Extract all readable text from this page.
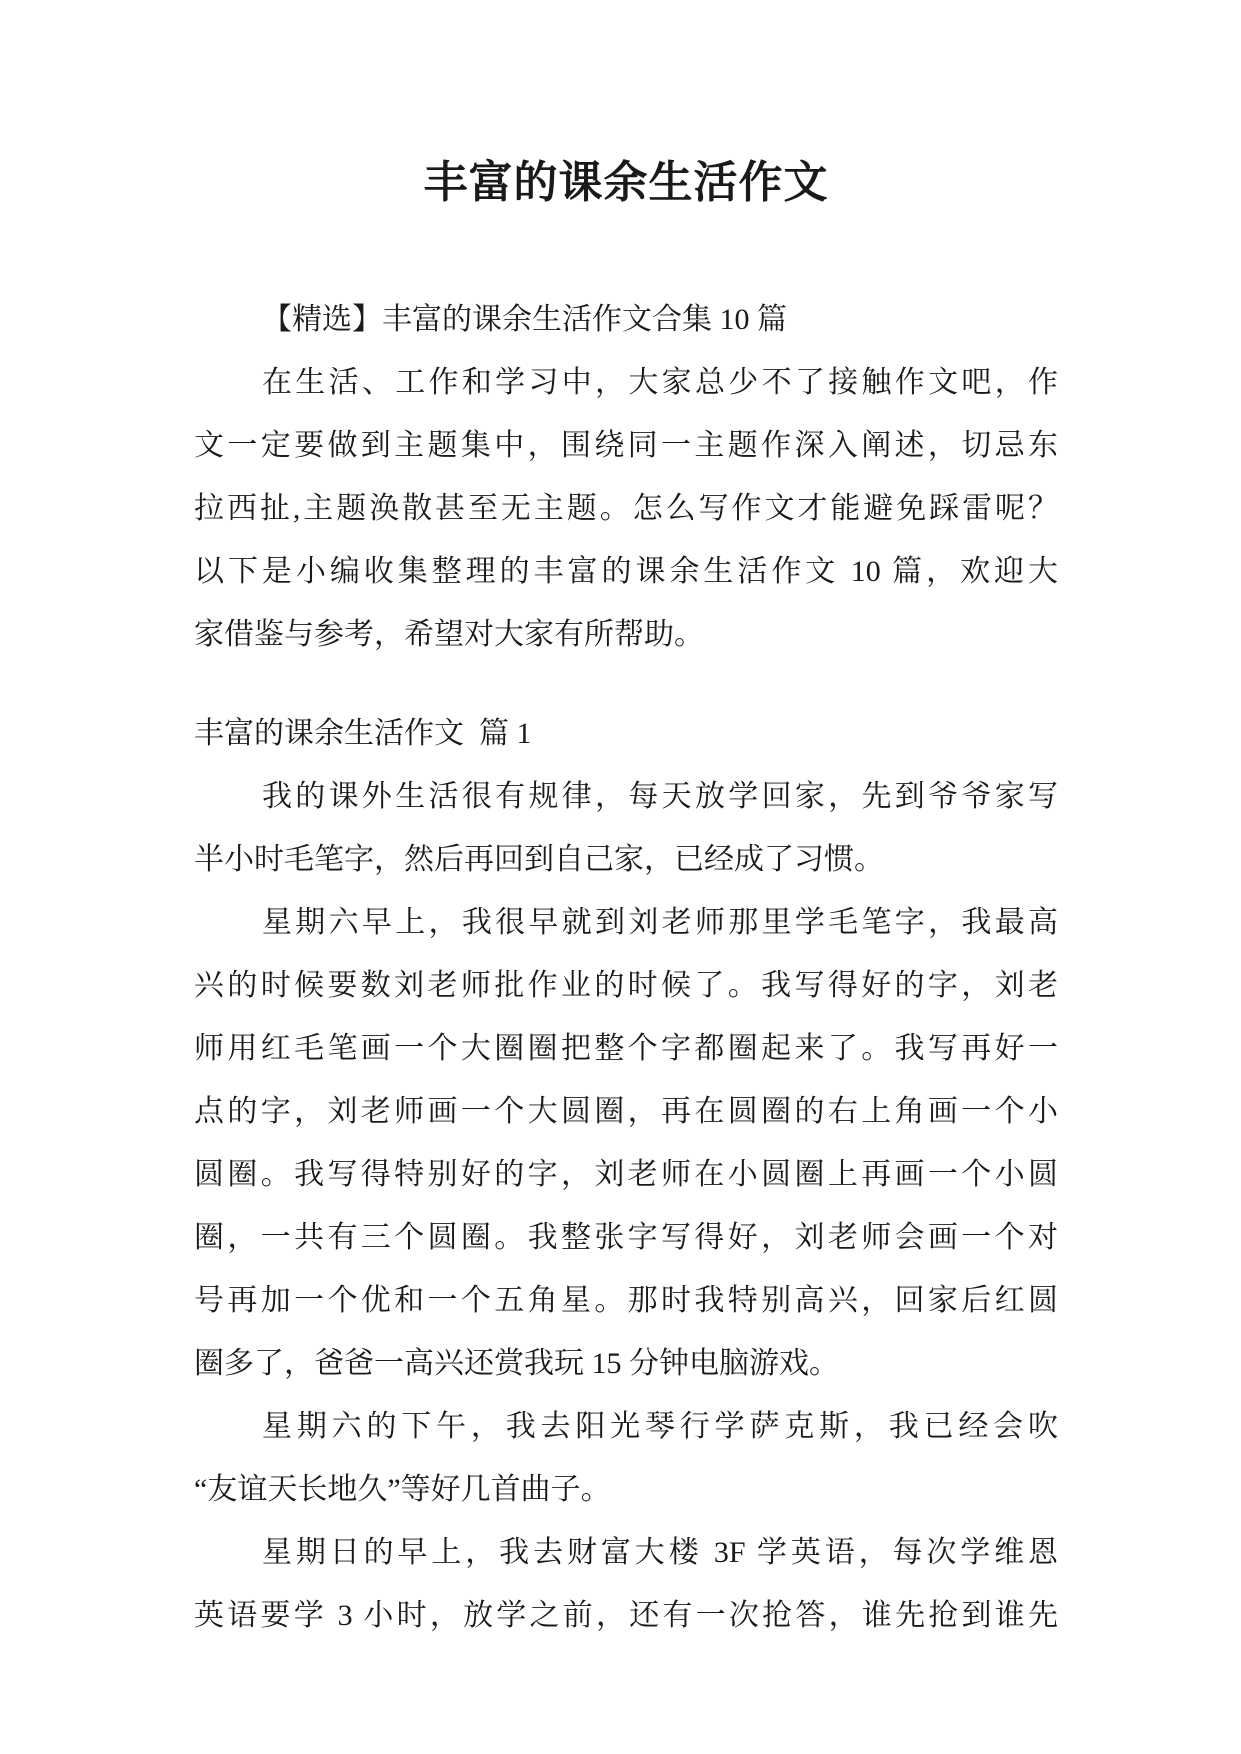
丰富的课余生活作文
【精选】丰富的课余生活作文合集 10 篇
在生活、工作和学习中，大家总少不了接触作文吧，作
文一定要做到主题集中，围绕同一主题作深入阐述，切忌东
拉西扯,主题涣散甚至无主题。怎么写作文才能避免踩雷呢？
以下是小编收集整理的丰富的课余生活作文 10 篇，欢迎大
家借鉴与参考，希望对大家有所帮助。
丰富的课余生活作文  篇 1
我的课外生活很有规律，每天放学回家，先到爷爷家写
半小时毛笔字，然后再回到自己家，已经成了习惯。
星期六早上，我很早就到刘老师那里学毛笔字，我最高
兴的时候要数刘老师批作业的时候了。我写得好的字，刘老
师用红毛笔画一个大圈圈把整个字都圈起来了。我写再好一
点的字，刘老师画一个大圆圈，再在圆圈的右上角画一个小
圆圈。我写得特别好的字，刘老师在小圆圈上再画一个小圆
圈，一共有三个圆圈。我整张字写得好，刘老师会画一个对
号再加一个优和一个五角星。那时我特别高兴，回家后红圆
圈多了，爸爸一高兴还赏我玩 15 分钟电脑游戏。
星期六的下午，我去阳光琴行学萨克斯，我已经会吹
“友谊天长地久”等好几首曲子。
星期日的早上，我去财富大楼 3F 学英语，每次学维恩
英语要学 3 小时，放学之前，还有一次抢答，谁先抢到谁先
